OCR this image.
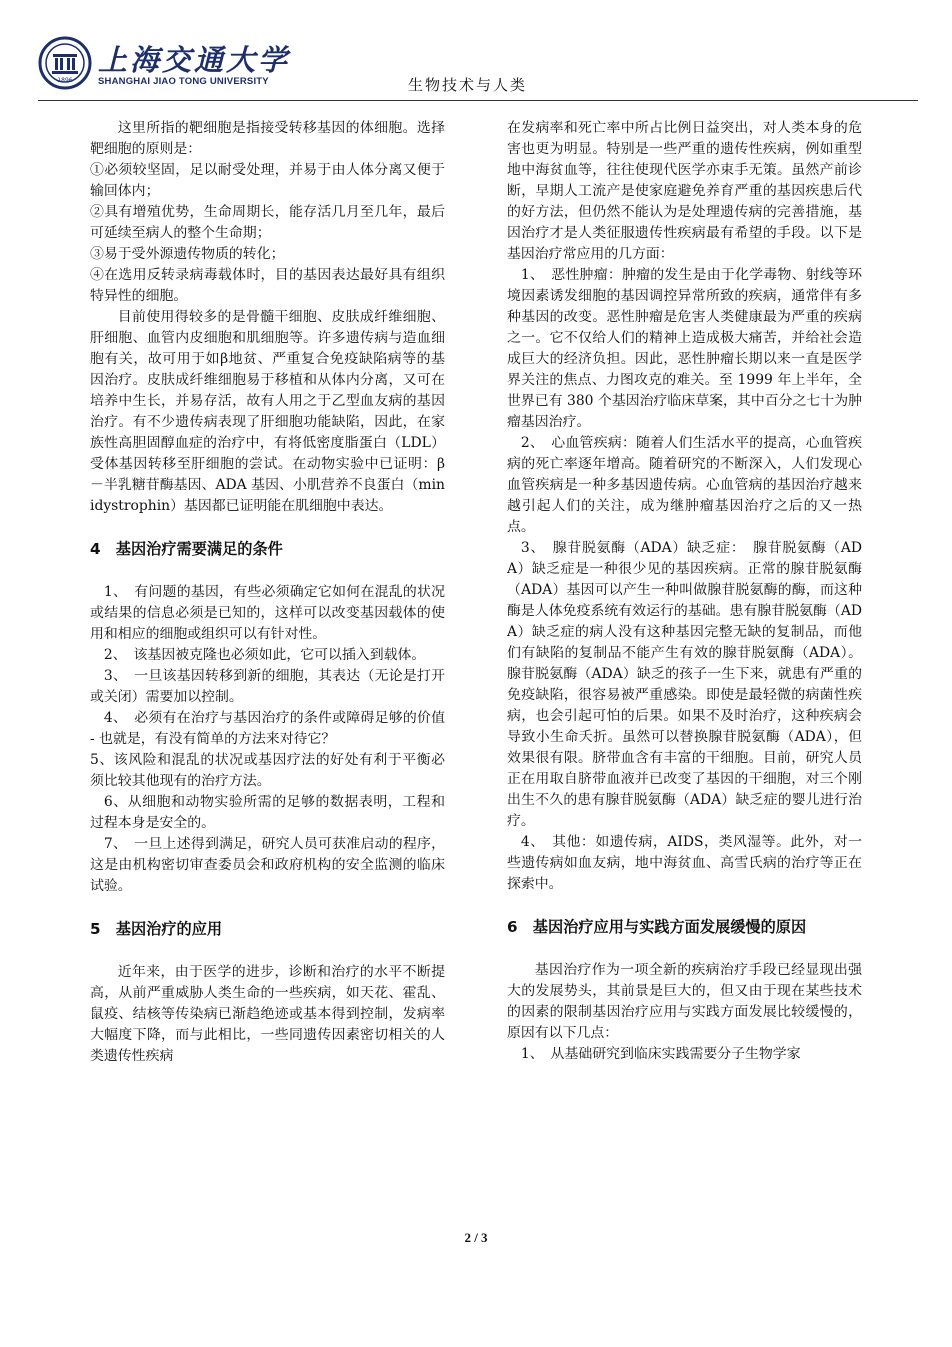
1896
上海交通大学
SHANGHAI JIAO TONG UNIVERSITY	生物技术与人类

这里所指的靶细胞是指接受转移基因的体细胞。选择靶细胞的原则是：

①必须较坚固，足以耐受处理，并易于由人体分离又便于输回体内；

②具有增殖优势，生命周期长，能存活几月至几年，最后可延续至病人的整个生命期；

③易于受外源遗传物质的转化；

④在选用反转录病毒载体时，目的基因表达最好具有组织特异性的细胞。

目前使用得较多的是骨髓干细胞、皮肤成纤维细胞、肝细胞、血管内皮细胞和肌细胞等。许多遗传病与造血细胞有关，故可用于如β地贫、严重复合免疫缺陷病等的基因治疗。皮肤成纤维细胞易于移植和从体内分离，又可在培养中生长，并易存活，故有人用之于乙型血友病的基因治疗。有不少遗传病表现了肝细胞功能缺陷，因此，在家族性高胆固醇血症的治疗中，有将低密度脂蛋白（LDL）受体基因转移至肝细胞的尝试。在动物实验中已证明：β－半乳糖苷酶基因、ADA 基因、小肌营养不良蛋白（minidystrophin）基因都已证明能在肌细胞中表达。

4　基因治疗需要满足的条件

1、　有问题的基因，有些必须确定它如何在混乱的状况或结果的信息必须是已知的，这样可以改变基因载体的使用和相应的细胞或组织可以有针对性。

2、　该基因被克隆也必须如此，它可以插入到载体。

3、　一旦该基因转移到新的细胞，其表达（无论是打开或关闭）需要加以控制。

4、　必须有在治疗与基因治疗的条件或障碍足够的价值 - 也就是，有没有简单的方法来对待它？

5、该风险和混乱的状况或基因疗法的好处有利于平衡必须比较其他现有的治疗方法。

6、从细胞和动物实验所需的足够的数据表明，工程和过程本身是安全的。

7、　一旦上述得到满足，研究人员可获准启动的程序，这是由机构密切审查委员会和政府机构的安全监测的临床试验。

5　基因治疗的应用

近年来，由于医学的进步，诊断和治疗的水平不断提高，从前严重威胁人类生命的一些疾病，如天花、霍乱、鼠疫、结核等传染病已渐趋绝迹或基本得到控制，发病率大幅度下降，而与此相比，一些同遗传因素密切相关的人类遗传性疾病

在发病率和死亡率中所占比例日益突出，对人类本身的危害也更为明显。特别是一些严重的遗传性疾病，例如重型地中海贫血等，往往使现代医学亦束手无策。虽然产前诊断，早期人工流产是使家庭避免养育严重的基因疾患后代的好方法，但仍然不能认为是处理遗传病的完善措施，基因治疗才是人类征服遗传性疾病最有希望的手段。以下是基因治疗常应用的几方面：

1、　恶性肿瘤：肿瘤的发生是由于化学毒物、射线等环境因素诱发细胞的基因调控异常所致的疾病，通常伴有多种基因的改变。恶性肿瘤是危害人类健康最为严重的疾病之一。它不仅给人们的精神上造成极大痛苦，并给社会造成巨大的经济负担。因此，恶性肿瘤长期以来一直是医学界关注的焦点、力图攻克的难关。至 1999 年上半年，全世界已有 380 个基因治疗临床草案，其中百分之七十为肿瘤基因治疗。

2、　心血管疾病：随着人们生活水平的提高，心血管疾病的死亡率逐年增高。随着研究的不断深入，人们发现心血管疾病是一种多基因遗传病。心血管病的基因治疗越来越引起人们的关注，成为继肿瘤基因治疗之后的又一热点。

3、　腺苷脱氨酶（ADA）缺乏症：　腺苷脱氨酶（ADA）缺乏症是一种很少见的基因疾病。正常的腺苷脱氨酶（ADA）基因可以产生一种叫做腺苷脱氨酶的酶，而这种酶是人体免疫系统有效运行的基础。患有腺苷脱氨酶（ADA）缺乏症的病人没有这种基因完整无缺的复制品，而他们有缺陷的复制品不能产生有效的腺苷脱氨酶（ADA）。腺苷脱氨酶（ADA）缺乏的孩子一生下来，就患有严重的免疫缺陷，很容易被严重感染。即使是最轻微的病菌性疾病，也会引起可怕的后果。如果不及时治疗，这种疾病会导致小生命夭折。虽然可以替换腺苷脱氨酶（ADA），但效果很有限。脐带血含有丰富的干细胞。目前，研究人员正在用取自脐带血液并已改变了基因的干细胞，对三个刚出生不久的患有腺苷脱氨酶（ADA）缺乏症的婴儿进行治疗。

4、　其他：如遗传病，AIDS，类风湿等。此外，对一些遗传病如血友病，地中海贫血、高雪氏病的治疗等正在探索中。

6　基因治疗应用与实践方面发展缓慢的原因

基因治疗作为一项全新的疾病治疗手段已经显现出强大的发展势头，其前景是巨大的，但又由于现在某些技术的因素的限制基因治疗应用与实践方面发展比较缓慢的，原因有以下几点：

1、　从基础研究到临床实践需要分子生物学家

2 / 3
